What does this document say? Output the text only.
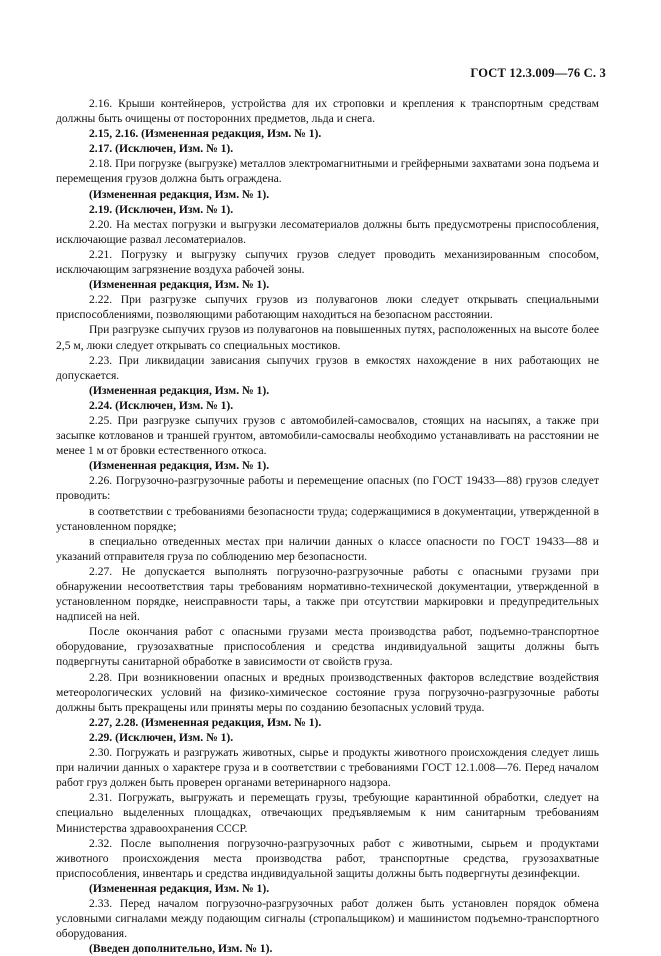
ГОСТ 12.3.009—76 С. 3

2.16. Крыши контейнеров, устройства для их строповки и крепления к транспортным средствам должны быть очищены от посторонних предметов, льда и снега.

2.15, 2.16. (Измененная редакция, Изм. № 1).

2.17. (Исключен, Изм. № 1).

2.18. При погрузке (выгрузке) металлов электромагнитными и грейферными захватами зона подъема и перемещения грузов должна быть ограждена.

(Измененная редакция, Изм. № 1).

2.19. (Исключен, Изм. № 1).

2.20. На местах погрузки и выгрузки лесоматериалов должны быть предусмотрены приспособления, исключающие развал лесоматериалов.

2.21. Погрузку и выгрузку сыпучих грузов следует проводить механизированным способом, исключающим загрязнение воздуха рабочей зоны.

(Измененная редакция, Изм. № 1).

2.22. При разгрузке сыпучих грузов из полувагонов люки следует открывать специальными приспособлениями, позволяющими работающим находиться на безопасном расстоянии.

При разгрузке сыпучих грузов из полувагонов на повышенных путях, расположенных на высоте более 2,5 м, люки следует открывать со специальных мостиков.

2.23. При ликвидации зависания сыпучих грузов в емкостях нахождение в них работающих не допускается.

(Измененная редакция, Изм. № 1).

2.24. (Исключен, Изм. № 1).

2.25. При разгрузке сыпучих грузов с автомобилей-самосвалов, стоящих на насыпях, а также при засыпке котлованов и траншей грунтом, автомобили-самосвалы необходимо устанавливать на расстоянии не менее 1 м от бровки естественного откоса.

(Измененная редакция, Изм. № 1).

2.26. Погрузочно-разгрузочные работы и перемещение опасных (по ГОСТ 19433—88) грузов следует проводить:

в соответствии с требованиями безопасности труда; содержащимися в документации, утвержденной в установленном порядке;

в специально отведенных местах при наличии данных о классе опасности по ГОСТ 19433—88 и указаний отправителя груза по соблюдению мер безопасности.

2.27. Не допускается выполнять погрузочно-разгрузочные работы с опасными грузами при обнаружении несоответствия тары требованиям нормативно-технической документации, утвержденной в установленном порядке, неисправности тары, а также при отсутствии маркировки и предупредительных надписей на ней.

После окончания работ с опасными грузами места производства работ, подъемно-транспортное оборудование, грузозахватные приспособления и средства индивидуальной защиты должны быть подвергнуты санитарной обработке в зависимости от свойств груза.

2.28. При возникновении опасных и вредных производственных факторов вследствие воздействия метеорологических условий на физико-химическое состояние груза погрузочно-разгрузочные работы должны быть прекращены или приняты меры по созданию безопасных условий труда.

2.27, 2.28. (Измененная редакция, Изм. № 1).

2.29. (Исключен, Изм. № 1).

2.30. Погружать и разгружать животных, сырье и продукты животного происхождения следует лишь при наличии данных о характере груза и в соответствии с требованиями ГОСТ 12.1.008—76. Перед началом работ груз должен быть проверен органами ветеринарного надзора.

2.31. Погружать, выгружать и перемещать грузы, требующие карантинной обработки, следует на специально выделенных площадках, отвечающих предъявляемым к ним санитарным требованиям Министерства здравоохранения СССР.

2.32. После выполнения погрузочно-разгрузочных работ с животными, сырьем и продуктами животного происхождения места производства работ, транспортные средства, грузозахватные приспособления, инвентарь и средства индивидуальной защиты должны быть подвергнуты дезинфекции.

(Измененная редакция, Изм. № 1).

2.33. Перед началом погрузочно-разгрузочных работ должен быть установлен порядок обмена условными сигналами между подающим сигналы (стропальщиком) и машинистом подъемно-транспортного оборудования.

(Введен дополнительно, Изм. № 1).
